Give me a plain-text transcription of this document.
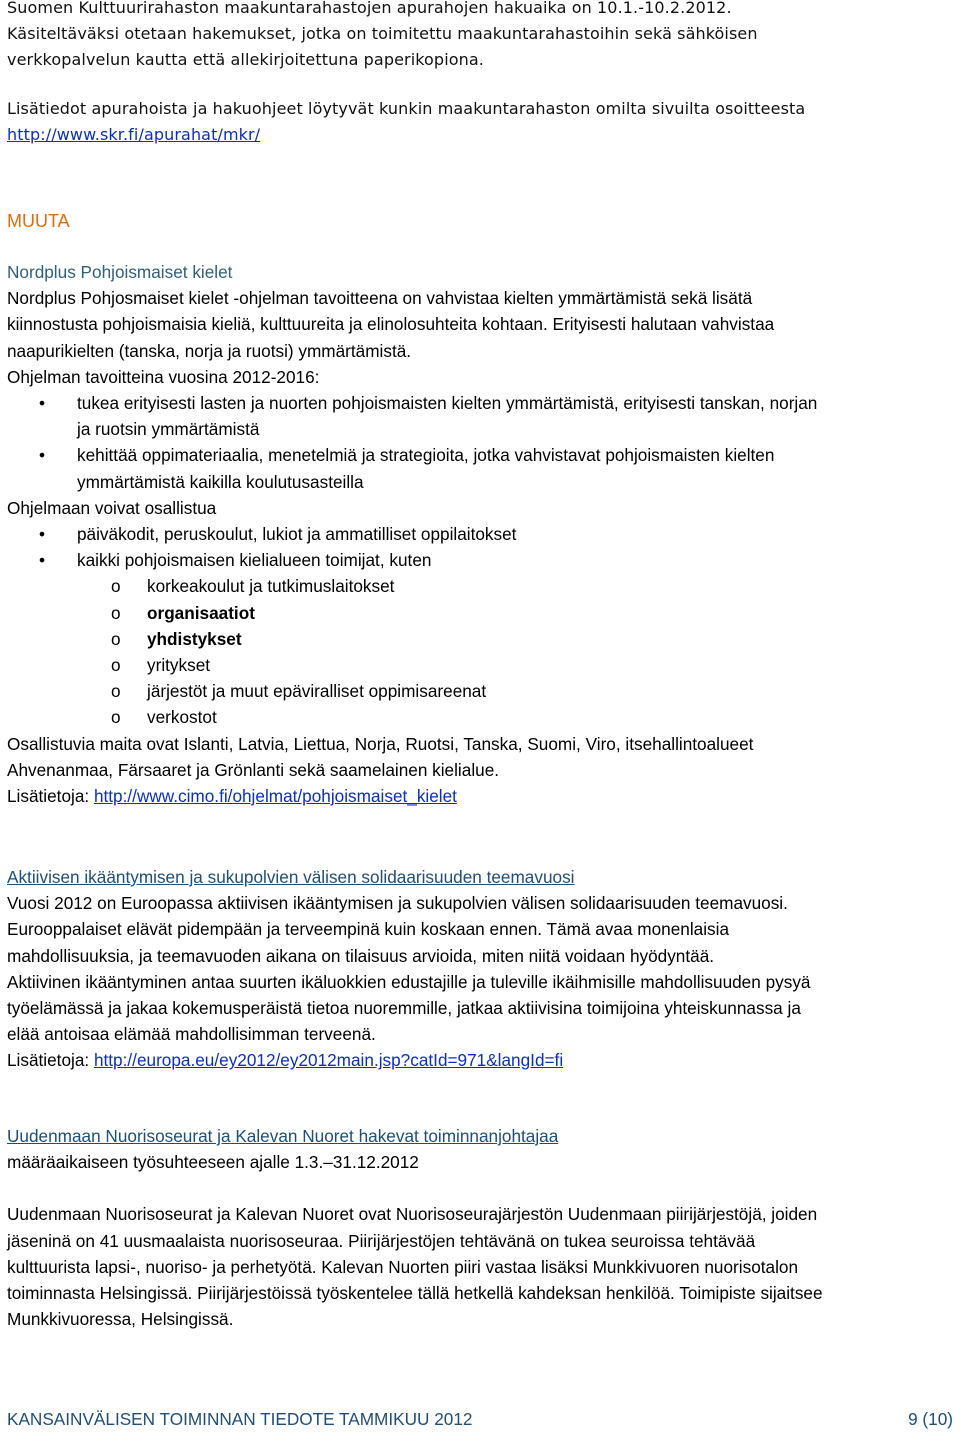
Suomen Kulttuurirahaston maakuntarahastojen apurahojen hakuaika on 10.1.-10.2.2012.
Käsiteltäväksi otetaan hakemukset, jotka on toimitettu maakuntarahastoihin sekä sähköisen
verkkopalvelun kautta että allekirjoitettuna paperikopiona.
Lisätiedot apurahoista ja hakuohjeet löytyvät kunkin maakuntarahaston omilta sivuilta osoitteesta
http://www.skr.fi/apurahat/mkr/
MUUTA
Nordplus Pohjoismaiset kielet
Nordplus Pohjosmaiset kielet -ohjelman tavoitteena on vahvistaa kielten ymmärtämistä sekä lisätä
kiinnostusta pohjoismaisia kieliä, kulttuureita ja elinolosuhteita kohtaan. Erityisesti halutaan vahvistaa
naapurikielten (tanska, norja ja ruotsi) ymmärtämistä.
Ohjelman tavoitteina vuosina 2012-2016:
• tukea erityisesti lasten ja nuorten pohjoismaisten kielten ymmärtämistä, erityisesti tanskan, norjan
ja ruotsin ymmärtämistä
• kehittää oppimateriaalia, menetelmiä ja strategioita, jotka vahvistavat pohjoismaisten kielten
ymmärtämistä kaikilla koulutusasteilla
Ohjelmaan voivat osallistua
• päiväkodit, peruskoulut, lukiot ja ammatilliset oppilaitokset
• kaikki pohjoismaisen kielialueen toimijat, kuten
o korkeakoulut ja tutkimuslaitokset
o organisaatiot
o yhdistykset
o yritykset
o järjestöt ja muut epäviralliset oppimisareenat
o verkostot
Osallistuvia maita ovat Islanti, Latvia, Liettua, Norja, Ruotsi, Tanska, Suomi, Viro, itsehallintoalueet
Ahvenanmaa, Färsaaret ja Grönlanti sekä saamelainen kielialue.
Lisätietoja: http://www.cimo.fi/ohjelmat/pohjoismaiset_kielet
Aktiivisen ikääntymisen ja sukupolvien välisen solidaarisuuden teemavuosi
Vuosi 2012 on Euroopassa aktiivisen ikääntymisen ja sukupolvien välisen solidaarisuuden teemavuosi.
Eurooppalaiset elävät pidempään ja terveempinä kuin koskaan ennen. Tämä avaa monenlaisia
mahdollisuuksia, ja teemavuoden aikana on tilaisuus arvioida, miten niitä voidaan hyödyntää.
Aktiivinen ikääntyminen antaa suurten ikäluokkien edustajille ja tuleville ikäihmisille mahdollisuuden pysyä
työelämässä ja jakaa kokemusperäistä tietoa nuoremmille, jatkaa aktiivisina toimijoina yhteiskunnassa ja
elää antoisaa elämää mahdollisimman terveenä.
Lisätietoja: http://europa.eu/ey2012/ey2012main.jsp?catId=971&langId=fi
Uudenmaan Nuorisoseurat ja Kalevan Nuoret hakevat toiminnanjohtajaa
määräaikaiseen työsuhteeseen ajalle 1.3.–31.12.2012
Uudenmaan Nuorisoseurat ja Kalevan Nuoret ovat Nuorisoseurajärjestön Uudenmaan piirijärjestöjä, joiden
jäseninä on 41 uusmaalaista nuorisoseuraa. Piirijärjestöjen tehtävänä on tukea seuroissa tehtävää
kulttuurista lapsi-, nuoriso- ja perhetyötä. Kalevan Nuorten piiri vastaa lisäksi Munkkivuoren nuorisotalon
toiminnasta Helsingissä. Piirijärjestöissä työskentelee tällä hetkellä kahdeksan henkilöä. Toimipiste sijaitsee
Munkkivuoressa, Helsingissä.
KANSAINVÄLISEN TOIMINNAN TIEDOTE TAMMIKUU 2012	9 (10)
